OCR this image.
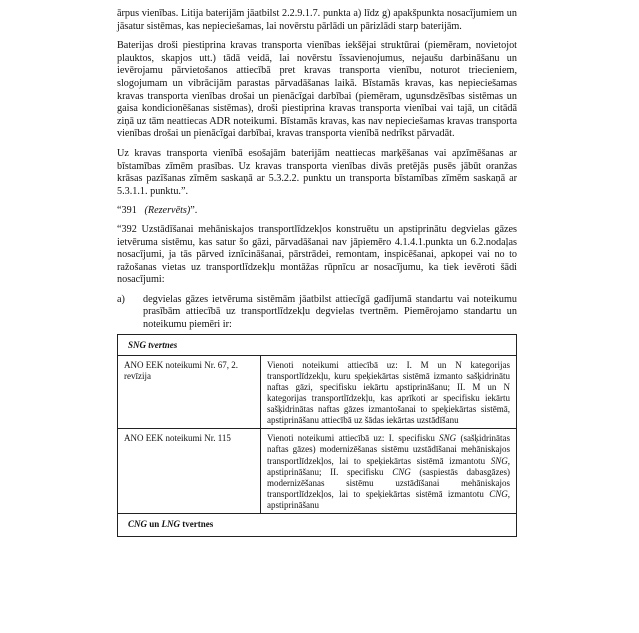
ārpus vienības. Litija baterijām jāatbilst 2.2.9.1.7. punkta a) līdz g) apakšpunkta nosacījumiem un jāsatur sistēmas, kas nepieciešamas, lai novērstu pārlādi un pārizlādi starp baterijām.

Baterijas droši piestiprina kravas transporta vienības iekšējai struktūrai (piemēram, novietojot plauktos, skapjos utt.) tādā veidā, lai novērstu īssavienojumus, nejaušu darbināšanu un ievērojamu pārvietošanos attiecībā pret kravas transporta vienību, noturot triecieniem, slogojumam un vibrācijām parastas pārvadāšanas laikā. Bīstamās kravas, kas nepieciešamas kravas transporta vienības drošai un pienācīgai darbībai (piemēram, ugunsdzēsības sistēmas un gaisa kondicionēšanas sistēmas), droši piestiprina kravas transporta vienībai vai tajā, un citādā ziņā uz tām neattiecas ADR noteikumi. Bīstamās kravas, kas nav nepieciešamas kravas transporta vienības drošai un pienācīgai darbībai, kravas transporta vienībā nedrīkst pārvadāt.

Uz kravas transporta vienībā esošajām baterijām neattiecas marķēšanas vai apzīmēšanas ar bīstamības zīmēm prasības. Uz kravas transporta vienības divās pretējās pusēs jābūt oranžas krāsas pazīšanas zīmēm saskaņā ar 5.3.2.2. punktu un transporta bīstamības zīmēm saskaņā ar 5.3.1.1. punktu.”.

“391 (Rezervēts)”.

“392 Uzstādīšanai mehāniskajos transportlīdzekļos konstruētu un apstiprinātu degvielas gāzes ietvēruma sistēmu, kas satur šo gāzi, pārvadāšanai nav jāpiemēro 4.1.4.1.punkta un 6.2.nodaļas nosacījumi, ja tās pārved iznīcināšanai, pārstrādei, remontam, inspicēšanai, apkopei vai no to ražošanas vietas uz transportlīdzekļu montāžas rūpnīcu ar nosacījumu, ka tiek ievēroti šādi nosacījumi:

a)	degvielas gāzes ietvēruma sistēmām jāatbilst attiecīgā gadījumā standartu vai noteikumu prasībām attiecībā uz transportlīdzekļu degvielas tvertnēm. Piemērojamo standartu un noteikumu piemēri ir:
SNG tvertnes	
ANO EEK noteikumi Nr. 67, 2. revīzija	Vienoti noteikumi attiecībā uz: I. M un N kategorijas transportlīdzekļu, kuru speķiekārtas sistēmā izmanto sašķidrinātu naftas gāzi, specifisku iekārtu apstiprināšanu; II. M un N kategorijas transportlīdzekļu, kas aprīkoti ar specifisku iekārtu sašķidrinātas naftas gāzes izmantošanai to speķiekārtas sistēmā, apstiprināšanu attiecībā uz šādas iekārtas uzstādīšanu
ANO EEK noteikumi Nr. 115	Vienoti noteikumi attiecībā uz: I. specifisku SNG (sašķidrinātas naftas gāzes) modernizēšanas sistēmu uzstādīšanai mehāniskajos transportlīdzekļos, lai to speķiekārtas sistēmā izmantotu SNG, apstiprināšanu; II. specifisku CNG (saspiestās dabasgāzes) modernizēšanas sistēmu uzstādīšanai mehāniskajos transportlīdzekļos, lai to speķiekārtas sistēmā izmantotu CNG, apstiprināšanu
CNG un LNG tvertnes	
